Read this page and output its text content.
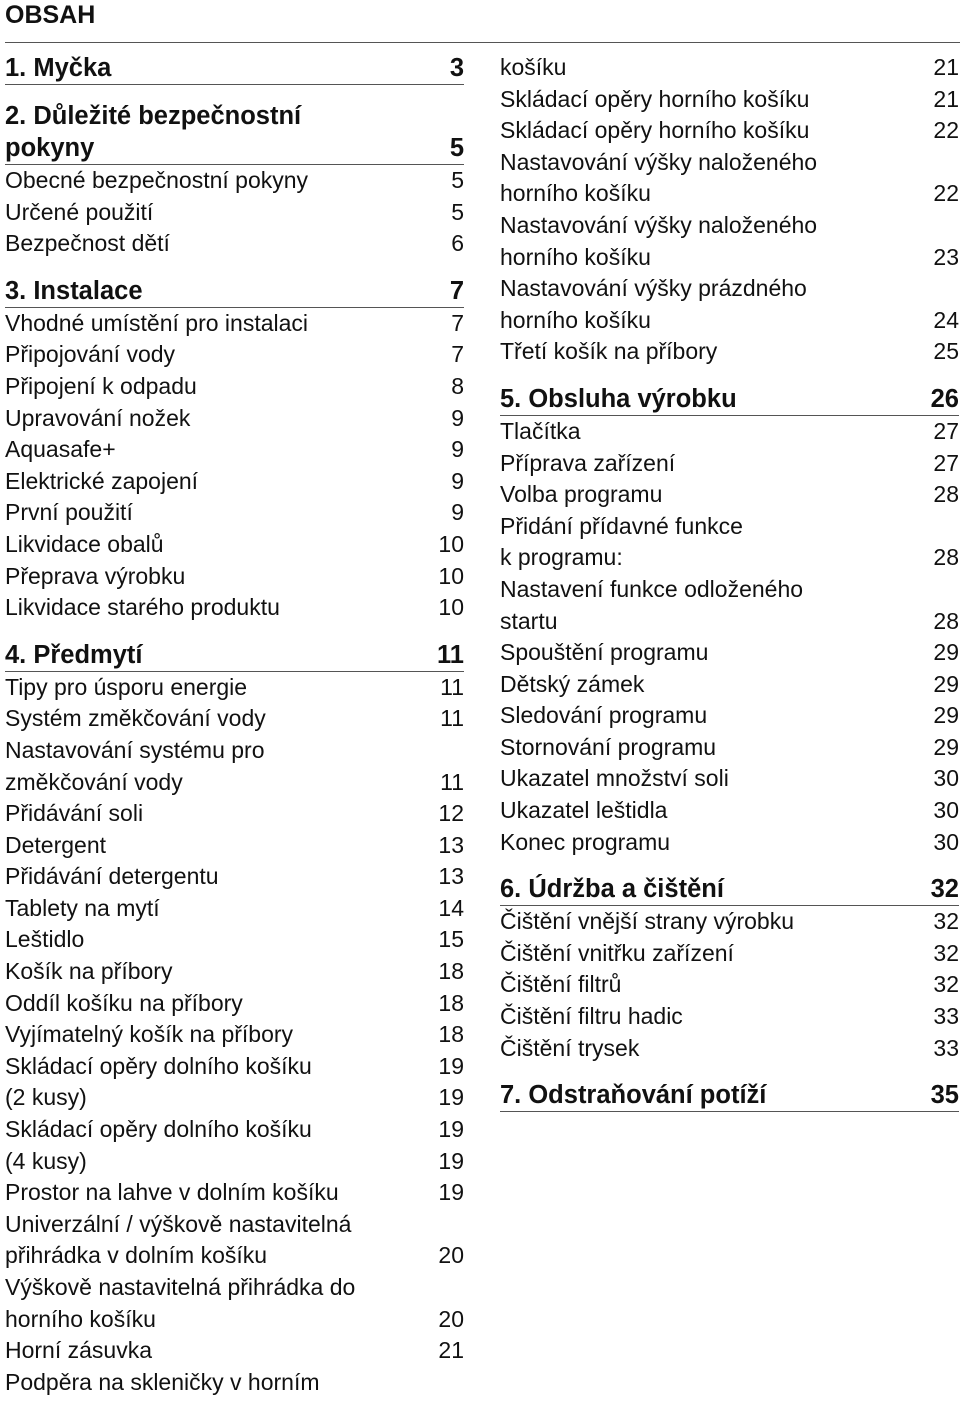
OBSAH
1. Myčka	3
2. Důležité bezpečnostní
pokyny	5
Obecné bezpečnostní pokyny	5
Určené použití	5
Bezpečnost dětí	6
3. Instalace	7
Vhodné umístění pro instalaci	7
Připojování vody	7
Připojení k odpadu	8
Upravování nožek	9
Aquasafe+	9
Elektrické zapojení	9
První použití	9
Likvidace obalů	10
Přeprava výrobku	10
Likvidace starého produktu	10
4. Předmytí	11
Tipy pro úsporu energie	11
Systém změkčování vody	11
Nastavování systému pro
změkčování vody	11
Přidávání soli	12
Detergent	13
Přidávání detergentu	13
Tablety na mytí	14
Leštidlo	15
Košík na příbory	18
Oddíl košíku na příbory	18
Vyjímatelný košík na příbory	18
Skládací opěry dolního košíku	19
(2 kusy)	19
Skládací opěry dolního košíku	19
(4 kusy)	19
Prostor na lahve v dolním košíku	19
Univerzální / výškově nastavitelná
přihrádka v dolním košíku	20
Výškově nastavitelná přihrádka do
horního košíku	20
Horní zásuvka	21
Podpěra na skleničky v horním
košíku	21
Skládací opěry horního košíku	21
Skládací opěry horního košíku	22
Nastavování výšky naloženého
horního košíku	22
Nastavování výšky naloženého
horního košíku	23
Nastavování výšky prázdného
horního košíku	24
Třetí košík na příbory	25
5. Obsluha výrobku	26
Tlačítka	27
Příprava zařízení	27
Volba programu	28
Přidání přídavné funkce
k programu:	28
Nastavení funkce odloženého
startu	28
Spouštění programu	29
Dětský zámek	29
Sledování programu	29
Stornování programu	29
Ukazatel množství soli	30
Ukazatel leštidla	30
Konec programu	30
6. Údržba a čištění	32
Čištění vnější strany výrobku	32
Čištění vnitřku zařízení	32
Čištění filtrů	32
Čištění filtru hadic	33
Čištění trysek	33
7. Odstraňování potíží	35
